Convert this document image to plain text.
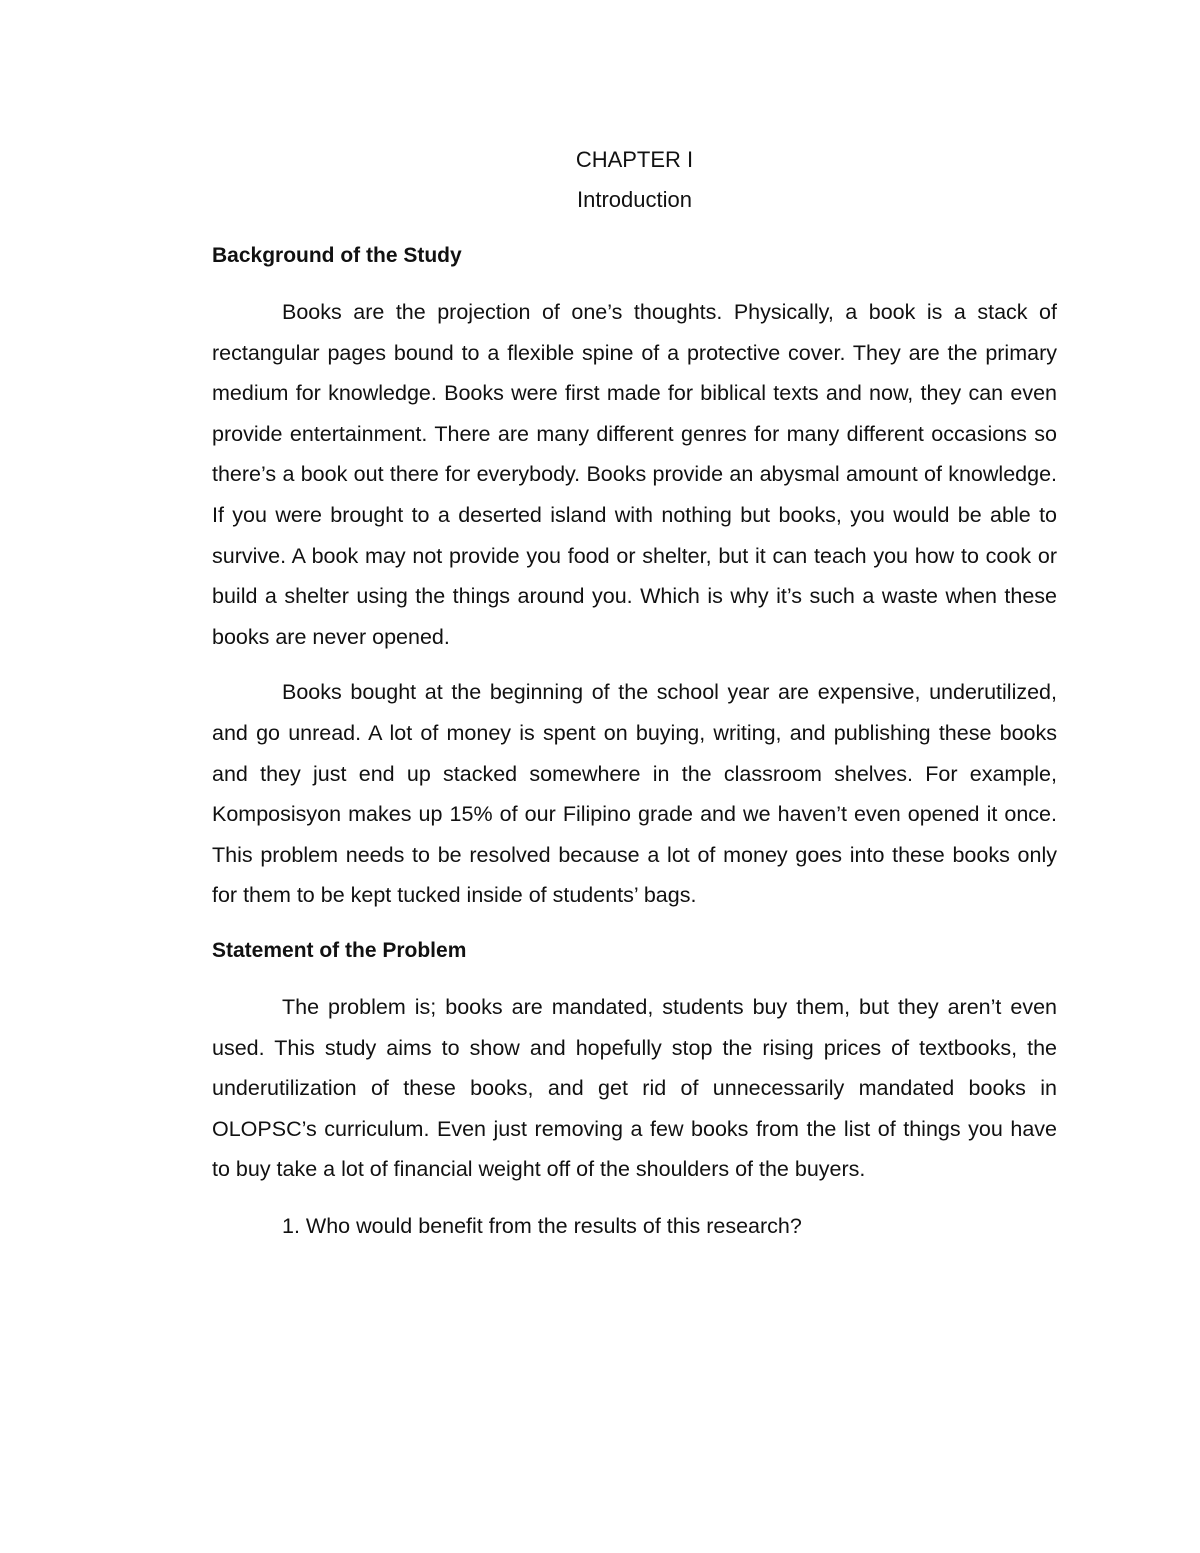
CHAPTER I

Introduction

Background of the Study

Books are the projection of one’s thoughts. Physically, a book is a stack of rectangular pages bound to a flexible spine of a protective cover. They are the primary medium for knowledge. Books were first made for biblical texts and now, they can even provide entertainment. There are many different genres for many different occasions so there’s a book out there for everybody. Books provide an abysmal amount of knowledge. If you were brought to a deserted island with nothing but books, you would be able to survive. A book may not provide you food or shelter, but it can teach you how to cook or build a shelter using the things around you. Which is why it’s such a waste when these books are never opened.

Books bought at the beginning of the school year are expensive, underutilized, and go unread. A lot of money is spent on buying, writing, and publishing these books and they just end up stacked somewhere in the classroom shelves. For example, Komposisyon makes up 15% of our Filipino grade and we haven’t even opened it once. This problem needs to be resolved because a lot of money goes into these books only for them to be kept tucked inside of students’ bags.

Statement of the Problem

The problem is; books are mandated, students buy them, but they aren’t even used. This study aims to show and hopefully stop the rising prices of textbooks, the underutilization of these books, and get rid of unnecessarily mandated books in OLOPSC’s curriculum. Even just removing a few books from the list of things you have to buy take a lot of financial weight off of the shoulders of the buyers.

1. Who would benefit from the results of this research?
